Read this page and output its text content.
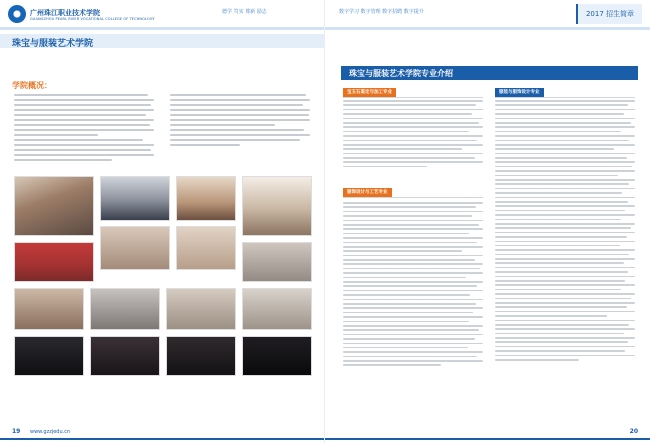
广州珠江职业技术学院
GUANGZHOU PEARL RIVER VOCATIONAL COLLEGE OF TECHNOLOGY
德学 笃实 尊新 励志
珠宝与服装艺术学院
学院概况：
19 www.gzzjedu.cn
数字学习 数字管理 数字招聘 数字提升	2017 招生简章
珠宝与服装艺术学院专业介绍
宝玉石鉴定与加工专业
服饰设计与工艺专业
服装与服饰设计专业
20
